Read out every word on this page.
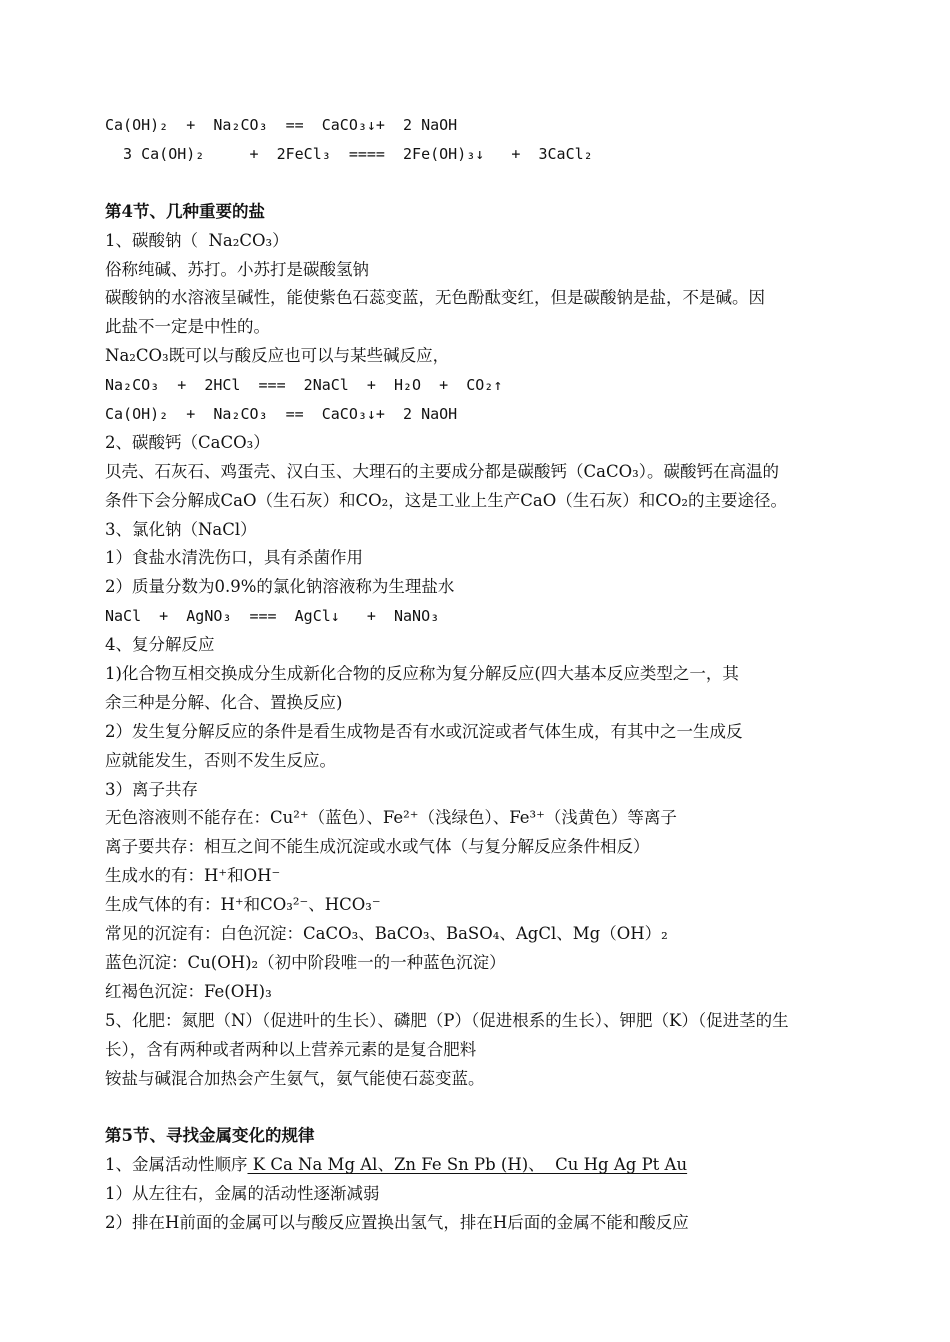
Ca(OH)₂  +  Na₂CO₃  ==  CaCO₃↓+  2 NaOH
3 Ca(OH)₂     +  2FeCl₃  ====  2Fe(OH)₃↓   +  3CaCl₂
第4节、几种重要的盐
1、碳酸钠（  Na₂CO₃）
俗称纯碱、苏打。小苏打是碳酸氢钠
碳酸钠的水溶液呈碱性，能使紫色石蕊变蓝，无色酚酞变红，但是碳酸钠是盐，不是碱。因
此盐不一定是中性的。
Na₂CO₃既可以与酸反应也可以与某些碱反应，
Na₂CO₃  +  2HCl  ===  2NaCl  +  H₂O  +  CO₂↑
Ca(OH)₂  +  Na₂CO₃  ==  CaCO₃↓+  2 NaOH
2、碳酸钙（CaCO₃）
贝壳、石灰石、鸡蛋壳、汉白玉、大理石的主要成分都是碳酸钙（CaCO₃）。碳酸钙在高温的
条件下会分解成CaO（生石灰）和CO₂，这是工业上生产CaO（生石灰）和CO₂的主要途径。
3、氯化钠（NaCl）
1）食盐水清洗伤口，具有杀菌作用
2）质量分数为0.9%的氯化钠溶液称为生理盐水
NaCl  +  AgNO₃  ===  AgCl↓   +  NaNO₃
4、复分解反应
1)化合物互相交换成分生成新化合物的反应称为复分解反应(四大基本反应类型之一，其
余三种是分解、化合、置换反应)
2）发生复分解反应的条件是看生成物是否有水或沉淀或者气体生成，有其中之一生成反
应就能发生，否则不发生反应。
3）离子共存
无色溶液则不能存在：Cu²⁺（蓝色）、Fe²⁺（浅绿色）、Fe³⁺（浅黄色）等离子
离子要共存：相互之间不能生成沉淀或水或气体（与复分解反应条件相反）
生成水的有：H⁺和OH⁻
生成气体的有：H⁺和CO₃²⁻、HCO₃⁻
常见的沉淀有：白色沉淀：CaCO₃、BaCO₃、BaSO₄、AgCl、Mg（OH）₂
蓝色沉淀：Cu(OH)₂（初中阶段唯一的一种蓝色沉淀）
红褐色沉淀：Fe(OH)₃
5、化肥：氮肥（N）（促进叶的生长）、磷肥（P）（促进根系的生长）、钾肥（K）（促进茎的生
长），含有两种或者两种以上营养元素的是复合肥料
铵盐与碱混合加热会产生氨气，氨气能使石蕊变蓝。
第5节、寻找金属变化的规律
1、金属活动性顺序 K Ca Na Mg Al、Zn Fe Sn Pb (H)、  Cu Hg Ag Pt Au
1）从左往右，金属的活动性逐渐减弱
2）排在H前面的金属可以与酸反应置换出氢气，排在H后面的金属不能和酸反应
